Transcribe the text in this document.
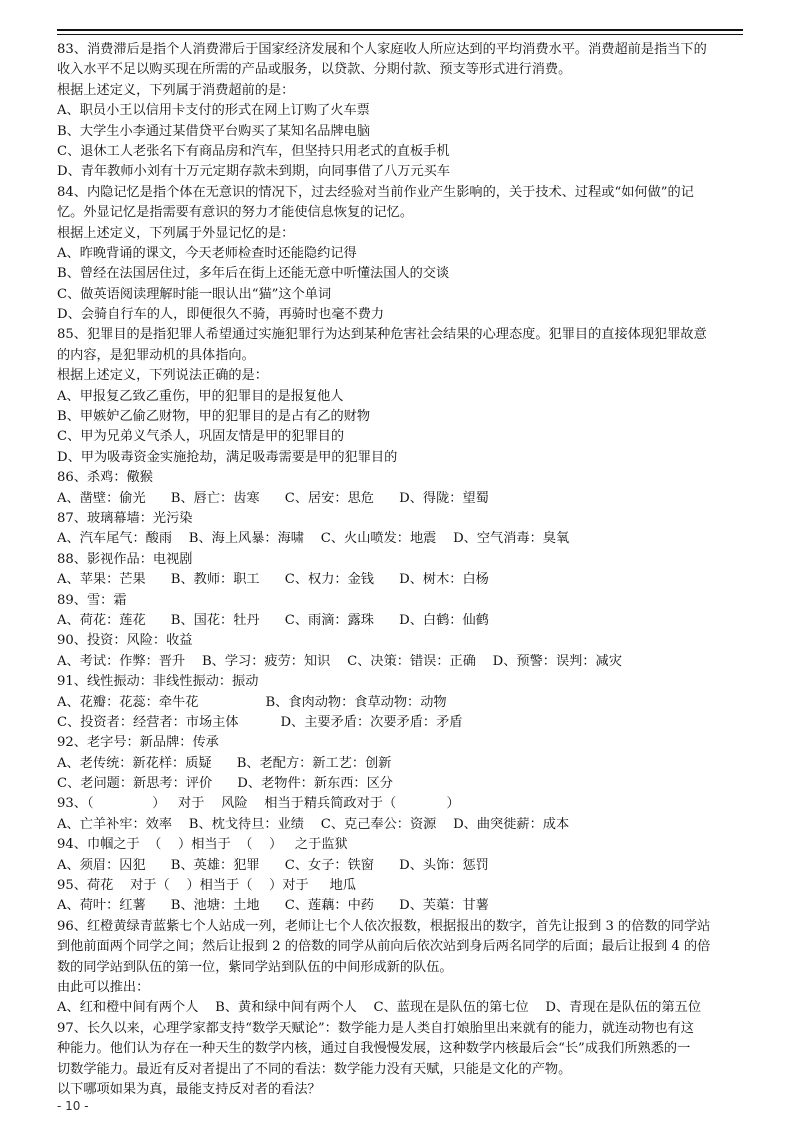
83、消费滞后是指个人消费滞后于国家经济发展和个人家庭收人所应达到的平均消费水平。消费超前是指当下的
收入水平不足以购买现在所需的产品或服务，以贷款、分期付款、预支等形式进行消费。
根据上述定义，下列属于消费超前的是：
A、职员小王以信用卡支付的形式在网上订购了火车票
B、大学生小李通过某借贷平台购买了某知名品牌电脑
C、退休工人老张名下有商品房和汽车，但坚持只用老式的直板手机
D、青年教师小刘有十万元定期存款未到期，向同事借了八万元买车
84、内隐记忆是指个体在无意识的情况下，过去经验对当前作业产生影响的，关于技术、过程或“如何做”的记
忆。外显记忆是指需要有意识的努力才能使信息恢复的记忆。
根据上述定义，下列属于外显记忆的是：
A、昨晚背诵的课文，今天老师检查时还能隐约记得
B、曾经在法国居住过，多年后在街上还能无意中听懂法国人的交谈
C、做英语阅读理解时能一眼认出“猫”这个单词
D、会骑自行车的人，即便很久不骑，再骑时也毫不费力
85、犯罪目的是指犯罪人希望通过实施犯罪行为达到某种危害社会结果的心理态度。犯罪目的直接体现犯罪故意
的内容，是犯罪动机的具体指向。
根据上述定义，下列说法正确的是：
A、甲报复乙致乙重伤，甲的犯罪目的是报复他人
B、甲嫉妒乙偷乙财物，甲的犯罪目的是占有乙的财物
C、甲为兄弟义气杀人，巩固友情是甲的犯罪目的
D、甲为吸毒资金实施抢劫，满足吸毒需要是甲的犯罪目的
86、杀鸡：儆猴
A、凿壁：偷光      B、唇亡：齿寒      C、居安：思危      D、得陇：望蜀
87、玻璃幕墙：光污染
A、汽车尾气：酸雨    B、海上风暴：海啸    C、火山喷发：地震    D、空气消毒：臭氧
88、影视作品：电视剧
A、苹果：芒果      B、教师：职工      C、权力：金钱      D、树木：白杨
89、雪：霜
A、荷花：莲花      B、国花：牡丹      C、雨滴：露珠      D、白鹤：仙鹤
90、投资：风险：收益
A、考试：作弊：晋升    B、学习：疲劳：知识    C、决策：错误：正确    D、预警：误判：减灾
91、线性振动：非线性振动：振动
A、花瓣：花蕊：牵牛花                B、食肉动物：食草动物：动物
C、投资者：经营者：市场主体          D、主要矛盾：次要矛盾：矛盾
92、老字号：新品牌：传承
A、老传统：新花样：质疑      B、老配方：新工艺：创新
C、老问题：新思考：评价      D、老物件：新东西：区分
93、（              ）   对于    风险    相当于精兵简政对于（            ）
A、亡羊补牢：效率    B、枕戈待旦：业绩    C、克己奉公：资源    D、曲突徙薪：成本
94、巾帼之于  （    ）相当于  （    ）   之于监狱
A、须眉：囚犯      B、英雄：犯罪      C、女子：铁窗      D、头饰：惩罚
95、荷花    对于（    ）相当于（    ）对于     地瓜
A、荷叶：红薯      B、池塘：土地      C、莲藕：中药      D、芙蕖：甘薯
96、红橙黄绿青蓝紫七个人站成一列，老师让七个人依次报数，根据报出的数字，首先让报到 3 的倍数的同学站
到他前面两个同学之间；然后让报到 2 的倍数的同学从前向后依次站到身后两名同学的后面；最后让报到 4 的倍
数的同学站到队伍的第一位，紫同学站到队伍的中间形成新的队伍。
由此可以推出：
A、红和橙中间有两个人    B、黄和绿中间有两个人    C、蓝现在是队伍的第七位    D、青现在是队伍的第五位
97、长久以来，心理学家都支持“数学天赋论”：数学能力是人类自打娘胎里出来就有的能力，就连动物也有这
种能力。他们认为存在一种天生的数学内核，通过自我慢慢发展，这种数学内核最后会“长”成我们所熟悉的一
切数学能力。最近有反对者提出了不同的看法：数学能力没有天赋，只能是文化的产物。
以下哪项如果为真，最能支持反对者的看法？
- 10 -
